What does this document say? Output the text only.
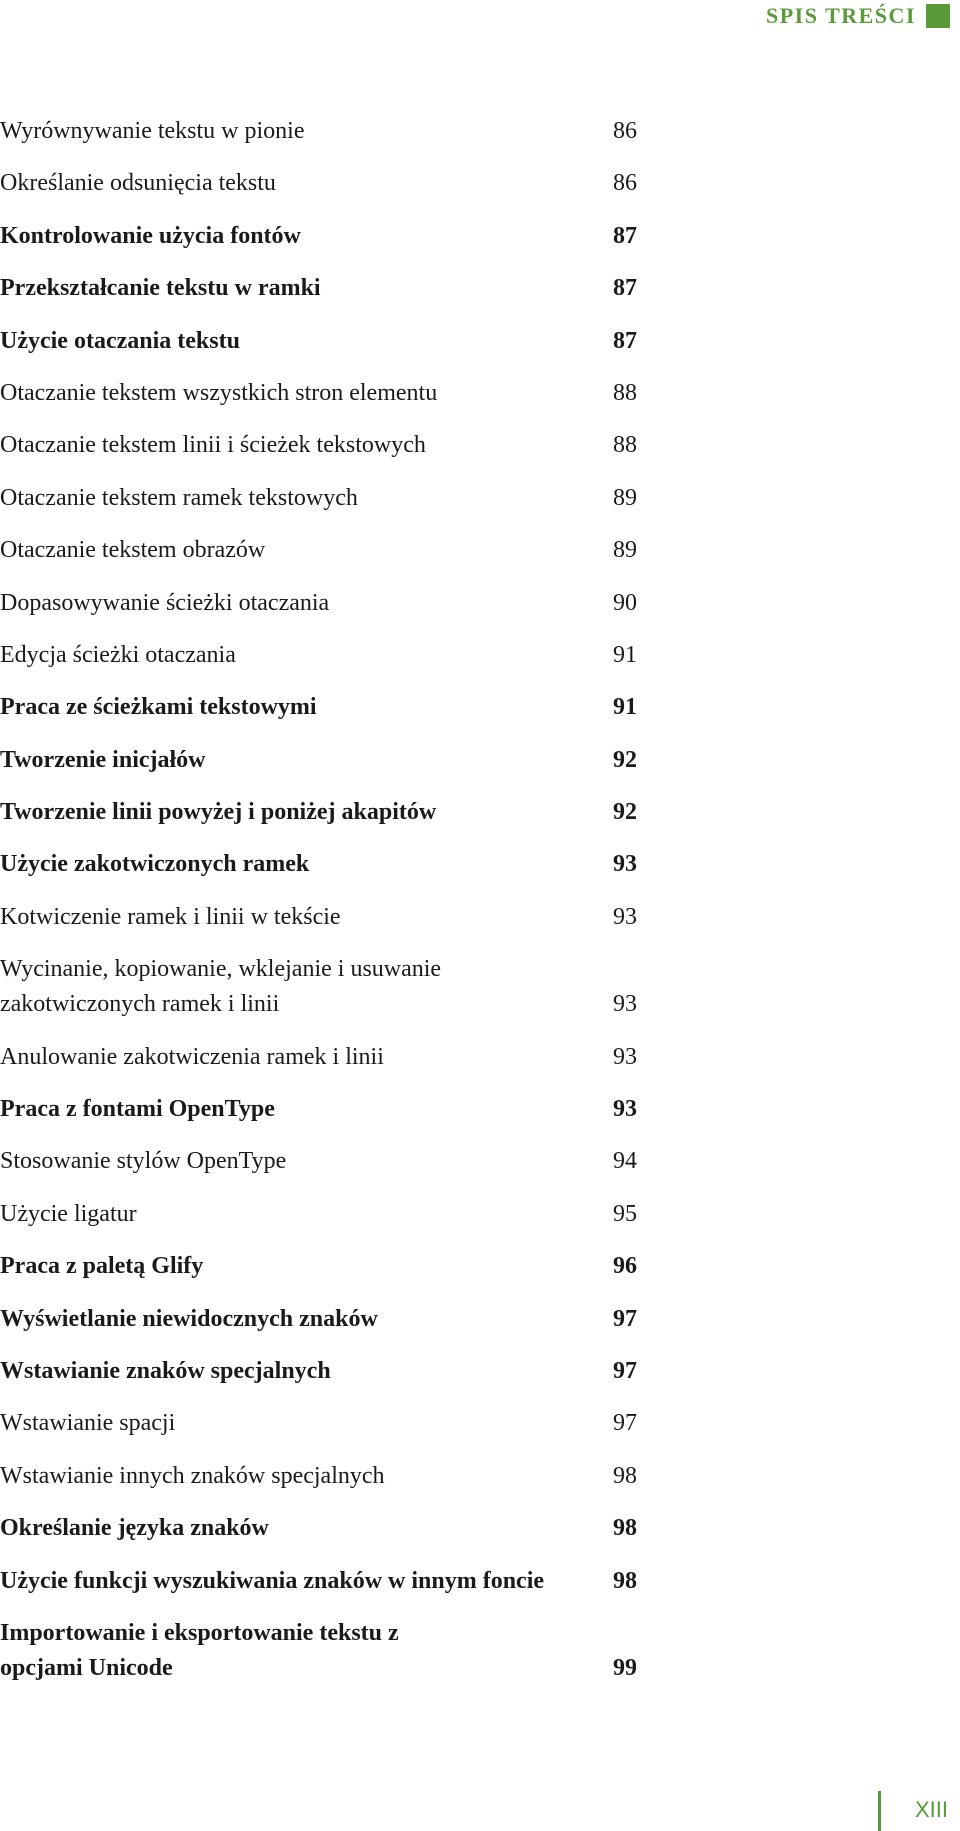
SPIS TREŚCI
Wyrównywanie tekstu w pionie	86
Określanie odsunięcia tekstu	86
Kontrolowanie użycia fontów	87
Przekształcanie tekstu w ramki	87
Użycie otaczania tekstu	87
Otaczanie tekstem wszystkich stron elementu	88
Otaczanie tekstem linii i ścieżek tekstowych	88
Otaczanie tekstem ramek tekstowych	89
Otaczanie tekstem obrazów	89
Dopasowywanie ścieżki otaczania	90
Edycja ścieżki otaczania	91
Praca ze ścieżkami tekstowymi	91
Tworzenie inicjałów	92
Tworzenie linii powyżej i poniżej akapitów	92
Użycie zakotwiczonych ramek	93
Kotwiczenie ramek i linii w tekście	93
Wycinanie, kopiowanie, wklejanie i usuwanie
zakotwiczonych ramek i linii	93
Anulowanie zakotwiczenia ramek i linii	93
Praca z fontami OpenType	93
Stosowanie stylów OpenType	94
Użycie ligatur	95
Praca z paletą Glify	96
Wyświetlanie niewidocznych znaków	97
Wstawianie znaków specjalnych	97
Wstawianie spacji	97
Wstawianie innych znaków specjalnych	98
Określanie języka znaków	98
Użycie funkcji wyszukiwania znaków w innym foncie	98
Importowanie i eksportowanie tekstu z
opcjami Unicode	99
XIII
